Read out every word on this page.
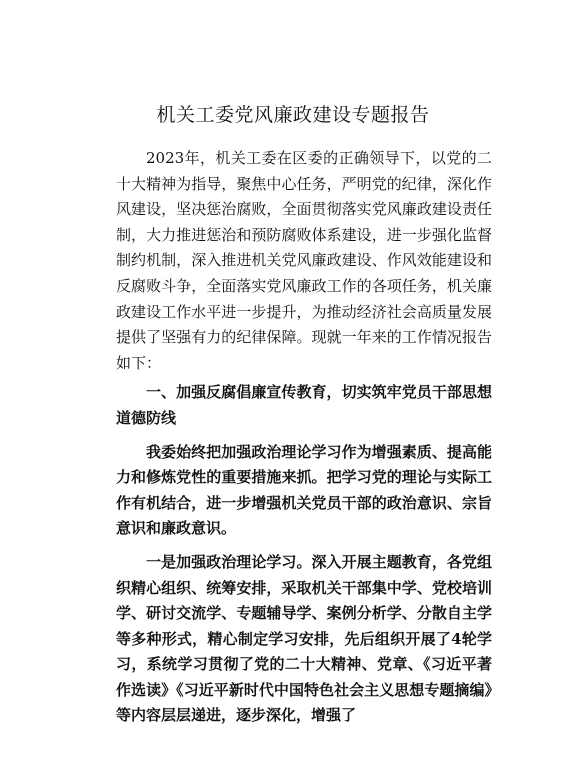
机关工委党风廉政建设专题报告

2023年，机关工委在区委的正确领导下，以党的二十大精神为指导，聚焦中心任务，严明党的纪律，深化作风建设，坚决惩治腐败，全面贯彻落实党风廉政建设责任制，大力推进惩治和预防腐败体系建设，进一步强化监督制约机制，深入推进机关党风廉政建设、作风效能建设和反腐败斗争，全面落实党风廉政工作的各项任务，机关廉政建设工作水平进一步提升，为推动经济社会高质量发展提供了坚强有力的纪律保障。现就一年来的工作情况报告如下：

一、加强反腐倡廉宣传教育，切实筑牢党员干部思想道德防线

我委始终把加强政治理论学习作为增强素质、提高能力和修炼党性的重要措施来抓。把学习党的理论与实际工作有机结合，进一步增强机关党员干部的政治意识、宗旨意识和廉政意识。

一是加强政治理论学习。深入开展主题教育，各党组织精心组织、统筹安排，采取机关干部集中学、党校培训学、研讨交流学、专题辅导学、案例分析学、分散自主学等多种形式，精心制定学习安排，先后组织开展了4轮学习，系统学习贯彻了党的二十大精神、党章、《习近平著作选读》《习近平新时代中国特色社会主义思想专题摘编》等内容层层递进，逐步深化，增强了
